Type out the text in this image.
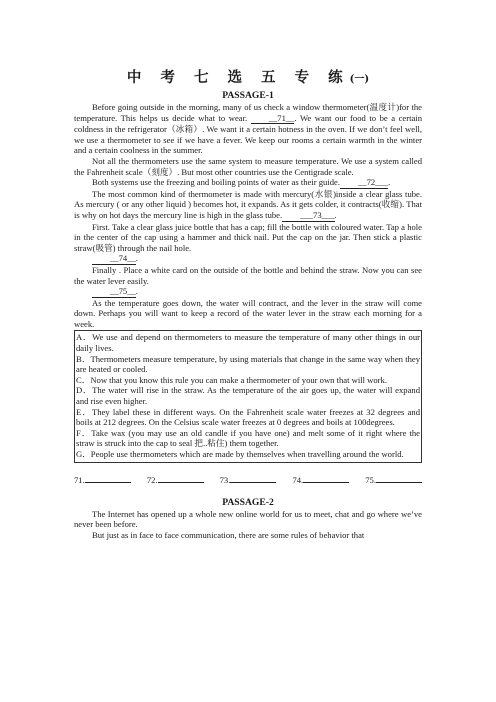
中 考 七 选 五 专 练(一)
PASSAGE-1

Before going outside in the morning, many of us check a window thermometer(温度计)for the temperature. This helps us decide what to wear.	__71__. We want our food to be a certain coldness in the refrigerator（冰箱）. We want it a certain hotness in the oven. If we don’t feel well, we use a thermometer to see if we have a fever. We keep our rooms a certain warmth in the winter and a certain coolness in the summer.

Not all the thermometers use the same system to measure temperature. We use a system called the Fahrenheit scale（刻度）. But most other countries use the Centigrade scale.

Both systems use the freezing and boiling points of water as their guide. __72___.

The most common kind of thermometer is made with mercury(水银)inside a clear glass tube. As mercury ( or any other liquid ) becomes hot, it expands. As it gets colder, it contracts(收缩). That is why on hot days the mercury line is high in the glass tube. ___73___.

First. Take a clear glass juice bottle that has a cap; fill the bottle with coloured water. Tap a hole in the center of the cap using a hammer and thick nail. Put the cap on the jar. Then stick a plastic straw(吸管) through the nail hole.

__74__.

Finally . Place a white card on the outside of the bottle and behind the straw. Now you can see the water lever easily.

__75__.

As the temperature goes down, the water will contract, and the lever in the straw will come down. Perhaps you will want to keep a record of the water lever in the straw each morning for a week.

A．We use and depend on thermometers to measure the temperature of many other things in our daily lives.

B．Thermometers measure temperature, by using materials that change in the same way when they are heated or cooled.

C．Now that you know this rule you can make a thermometer of your own that will work.

D．The water will rise in the straw. As the temperature of the air goes up, the water will expand and rise even higher.

E．They label these in different ways. On the Fahrenheit scale water freezes at 32 degrees and boils at 212 degrees. On the Celsius scale water freezes at 0 degrees and boils at 100degrees.

F．Take wax (you may use an old candle if you have one) and melt some of it right where the straw is struck into the cap to seal 把..粘住) them together.

G．People use thermometers which are made by themselves when travelling around the world.

71.	72.	73.	74.	75.
PASSAGE-2

The Internet has opened up a whole new online world for us to meet, chat and go where we’ve never been before.

But just as in face to face communication, there are some rules of behavior that
